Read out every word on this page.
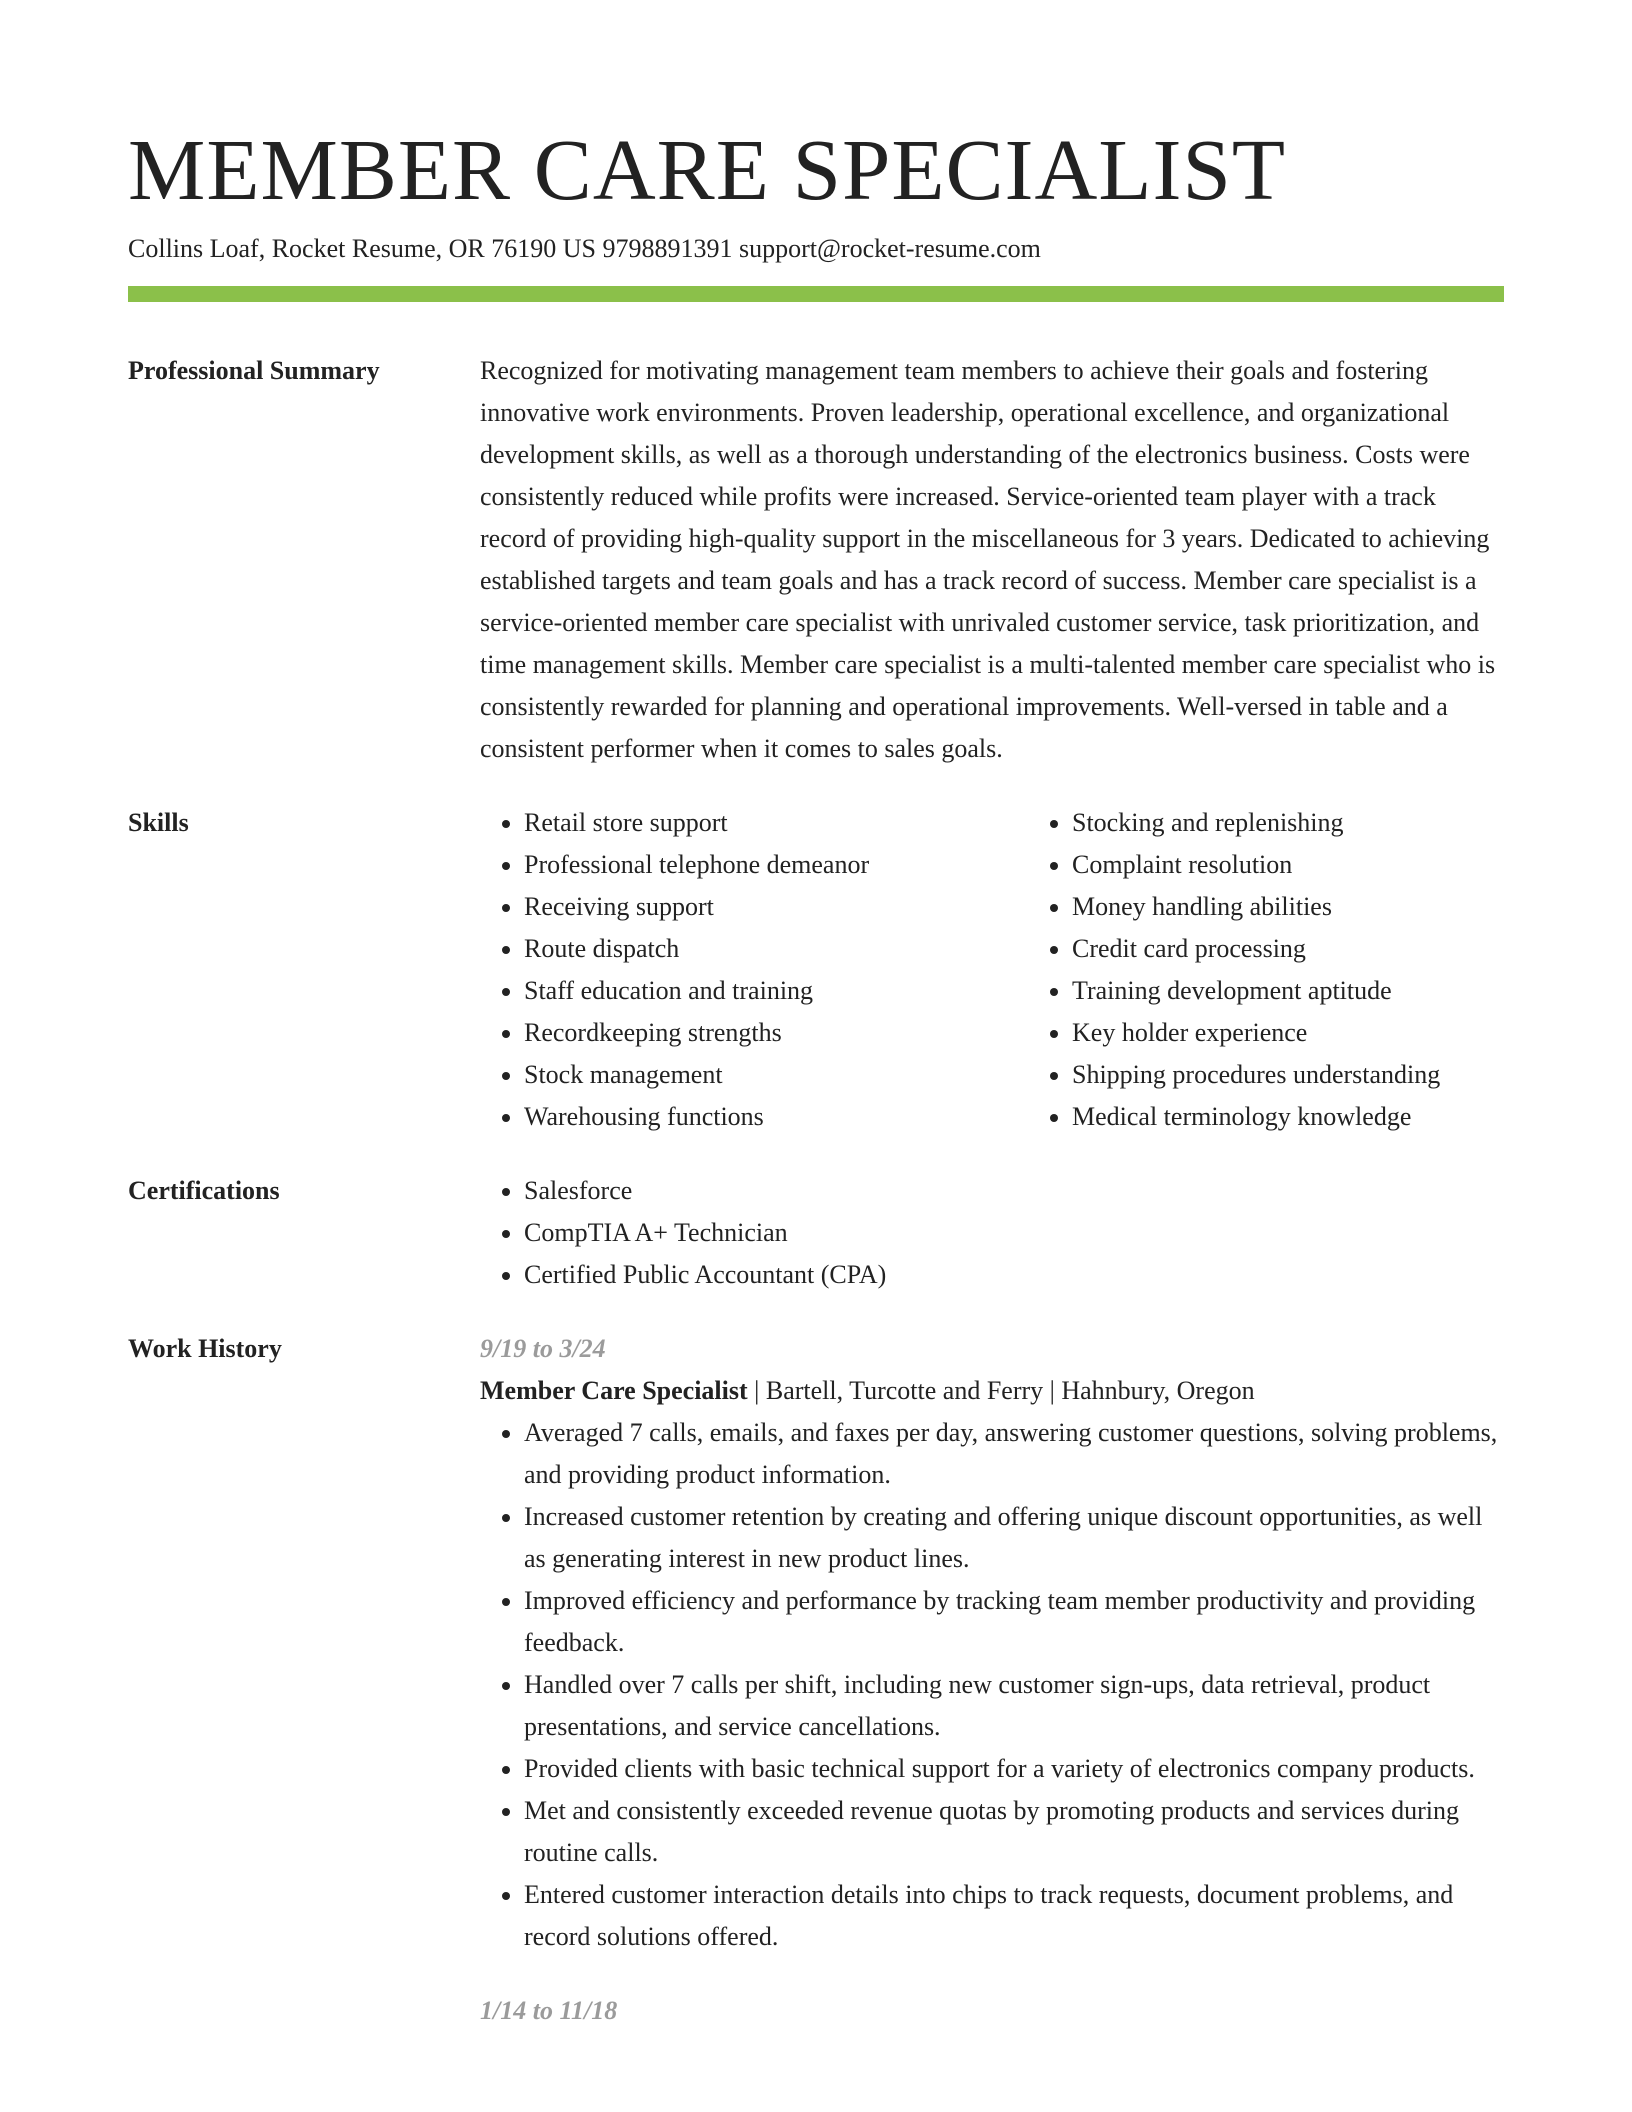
MEMBER CARE SPECIALIST
Collins Loaf, Rocket Resume, OR 76190 US 9798891391 support@rocket-resume.com
Professional Summary	Recognized for motivating management team members to achieve their goals and fostering innovative work environments. Proven leadership, operational excellence, and organizational development skills, as well as a thorough understanding of the electronics business. Costs were consistently reduced while profits were increased. Service-oriented team player with a track record of providing high-quality support in the miscellaneous for 3 years. Dedicated to achieving established targets and team goals and has a track record of success. Member care specialist is a service-oriented member care specialist with unrivaled customer service, task prioritization, and time management skills. Member care specialist is a multi-talented member care specialist who is consistently rewarded for planning and operational improvements. Well-versed in table and a consistent performer when it comes to sales goals.

Skills	• Retail store support
• Professional telephone demeanor
• Receiving support
• Route dispatch
• Staff education and training
• Recordkeeping strengths
• Stock management
• Warehousing functions
• Stocking and replenishing
• Complaint resolution
• Money handling abilities
• Credit card processing
• Training development aptitude
• Key holder experience
• Shipping procedures understanding
• Medical terminology knowledge
Certifications	• Salesforce
• CompTIA A+ Technician
• Certified Public Accountant (CPA)
Work History	9/19 to 3/24
Member Care Specialist | Bartell, Turcotte and Ferry | Hahnbury, Oregon
• Averaged 7 calls, emails, and faxes per day, answering customer questions, solving problems, and providing product information.
• Increased customer retention by creating and offering unique discount opportunities, as well as generating interest in new product lines.
• Improved efficiency and performance by tracking team member productivity and providing feedback.
• Handled over 7 calls per shift, including new customer sign-ups, data retrieval, product presentations, and service cancellations.
• Provided clients with basic technical support for a variety of electronics company products.
• Met and consistently exceeded revenue quotas by promoting products and services during routine calls.
• Entered customer interaction details into chips to track requests, document problems, and record solutions offered.
1/14 to 11/18
